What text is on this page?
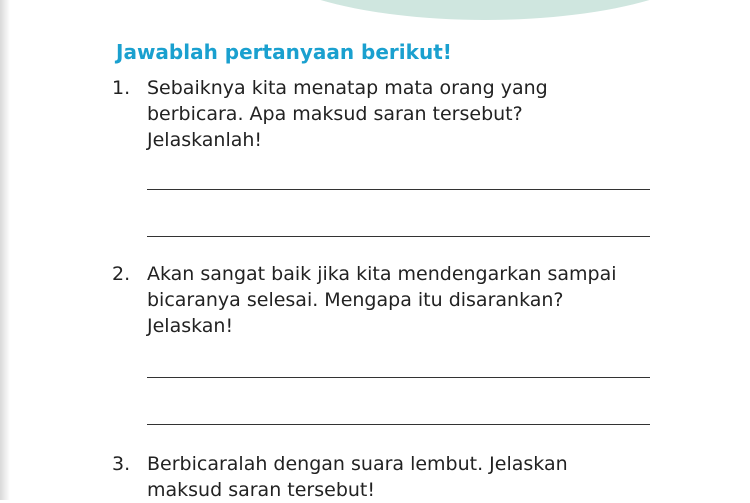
Jawablah pertanyaan berikut!
1. Sebaiknya kita menatap mata orang yang berbicara. Apa maksud saran tersebut? Jelaskanlah!
2. Akan sangat baik jika kita mendengarkan sampai bicaranya selesai. Mengapa itu disarankan? Jelaskan!
3. Berbicaralah dengan suara lembut. Jelaskan maksud saran tersebut!
